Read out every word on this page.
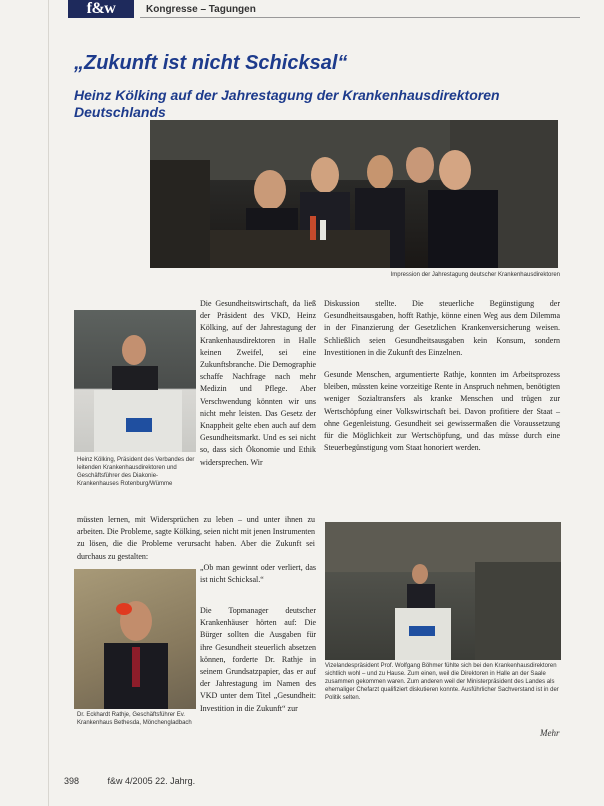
f&w	Kongresse – Tagungen
„Zukunft ist nicht Schicksal“
Heinz Kölking auf der Jahrestagung der Krankenhausdirektoren Deutschlands
Impression der Jahrestagung deutscher Krankenhausdirektoren
Heinz Kölking, Präsident des Verbandes der leitenden Krankenhausdirektoren und Geschäftsführer des Diakonie-Krankenhauses Rotenburg/Wümme
Dr. Eckhardt Rathje, Geschäftsführer Ev. Krankenhaus Bethesda, Mönchengladbach
Vizelandespräsident Prof. Wolfgang Böhmer fühlte sich bei den Krankenhausdirektoren sichtlich wohl – und zu Hause. Zum einen, weil die Direktoren in Halle an der Saale zusammen gekommen waren. Zum anderen weil der Ministerpräsident des Landes als ehemaliger Chefarzt qualifiziert diskutieren konnte. Ausführlicher Sachverstand ist in der Politik selten.
Die Gesundheitswirtschaft, da ließ der Präsident des VKD, Heinz Kölking, auf der Jahrestagung der Krankenhausdirektoren in Halle keinen Zweifel, sei eine Zukunftsbranche. Die Demographie schaffe Nachfrage nach mehr Medizin und Pflege. Aber Verschwendung könnten wir uns nicht mehr leisten. Das Gesetz der Knappheit gelte eben auch auf dem Gesundheitsmarkt. Und es sei nicht so, dass sich Ökonomie und Ethik widersprechen. Wir
müssten lernen, mit Widersprüchen zu leben – und unter ihnen zu arbeiten. Die Probleme, sagte Kölking, seien nicht mit jenen Instrumenten zu lösen, die die Probleme verursacht haben. Aber die Zukunft sei durchaus zu gestalten:
„Ob man gewinnt oder verliert, das ist nicht Schicksal.“
Die Topmanager deutscher Krankenhäuser hörten auf: Die Bürger sollten die Ausgaben für ihre Gesundheit steuerlich absetzen können, forderte Dr. Rathje in seinem Grundsatzpapier, das er auf der Jahrestagung im Namen des VKD unter dem Titel „Gesundheit: Investition in die Zukunft“ zur
Diskussion stellte. Die steuerliche Begünstigung der Gesundheitsausgaben, hofft Rathje, könne einen Weg aus dem Dilemma in der Finanzierung der Gesetzlichen Krankenversicherung weisen. Schließlich seien Gesundheitsausgaben kein Konsum, sondern Investitionen in die Zukunft des Einzelnen.
Gesunde Menschen, argumentierte Rathje, konnten im Arbeitsprozess bleiben, müssten keine vorzeitige Rente in Anspruch nehmen, benötigten weniger Sozialtransfers als kranke Menschen und trügen zur Wertschöpfung einer Volkswirtschaft bei. Davon profitiere der Staat – ohne Gegenleistung. Gesundheit sei gewissermaßen die Voraussetzung für die Möglichkeit zur Wertschöpfung, und das müsse durch eine Steuerbegünstigung vom Staat honoriert werden.
Mehr
398	f&w 4/2005 22. Jahrg.
